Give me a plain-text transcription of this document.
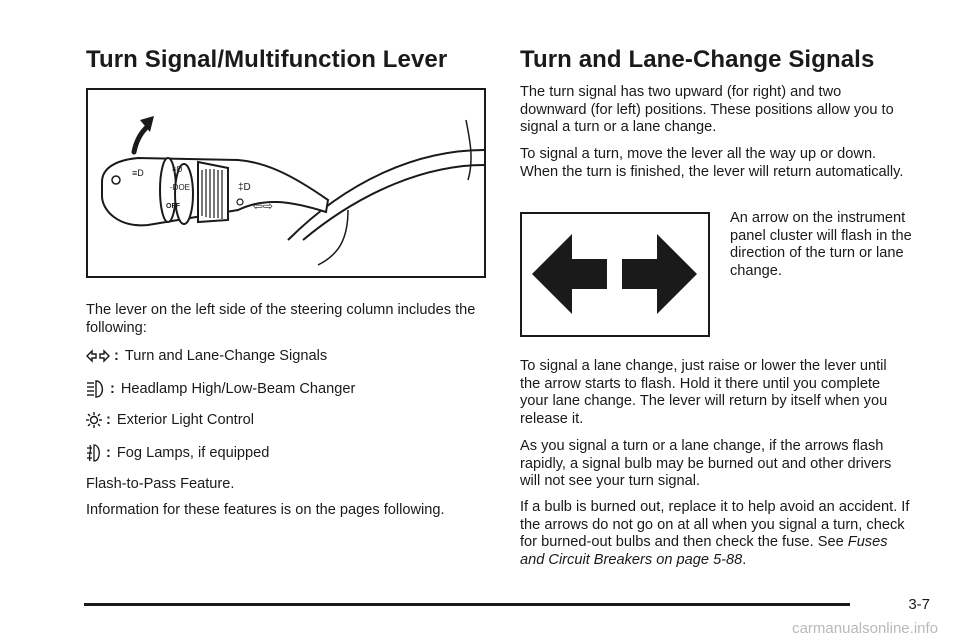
Turn Signal/Multifunction Lever
≡D	≡D
-DOE
OFF
‡D
⇦⇨

The lever on the left side of the steering column includes the following:

: Turn and Lane-Change Signals
: Headlamp High/Low-Beam Changer
: Exterior Light Control
: Fog Lamps, if equipped

Flash-to-Pass Feature.

Information for these features is on the pages following.

Turn and Lane-Change Signals

The turn signal has two upward (for right) and two downward (for left) positions. These positions allow you to signal a turn or a lane change.

To signal a turn, move the lever all the way up or down. When the turn is finished, the lever will return automatically.

An arrow on the instrument panel cluster will flash in the direction of the turn or lane change.

To signal a lane change, just raise or lower the lever until the arrow starts to flash. Hold it there until you complete your lane change. The lever will return by itself when you release it.

As you signal a turn or a lane change, if the arrows flash rapidly, a signal bulb may be burned out and other drivers will not see your turn signal.

If a bulb is burned out, replace it to help avoid an accident. If the arrows do not go on at all when you signal a turn, check for burned-out bulbs and then check the fuse. See Fuses and Circuit Breakers on page 5-88.

3-7
carmanualsonline.info
